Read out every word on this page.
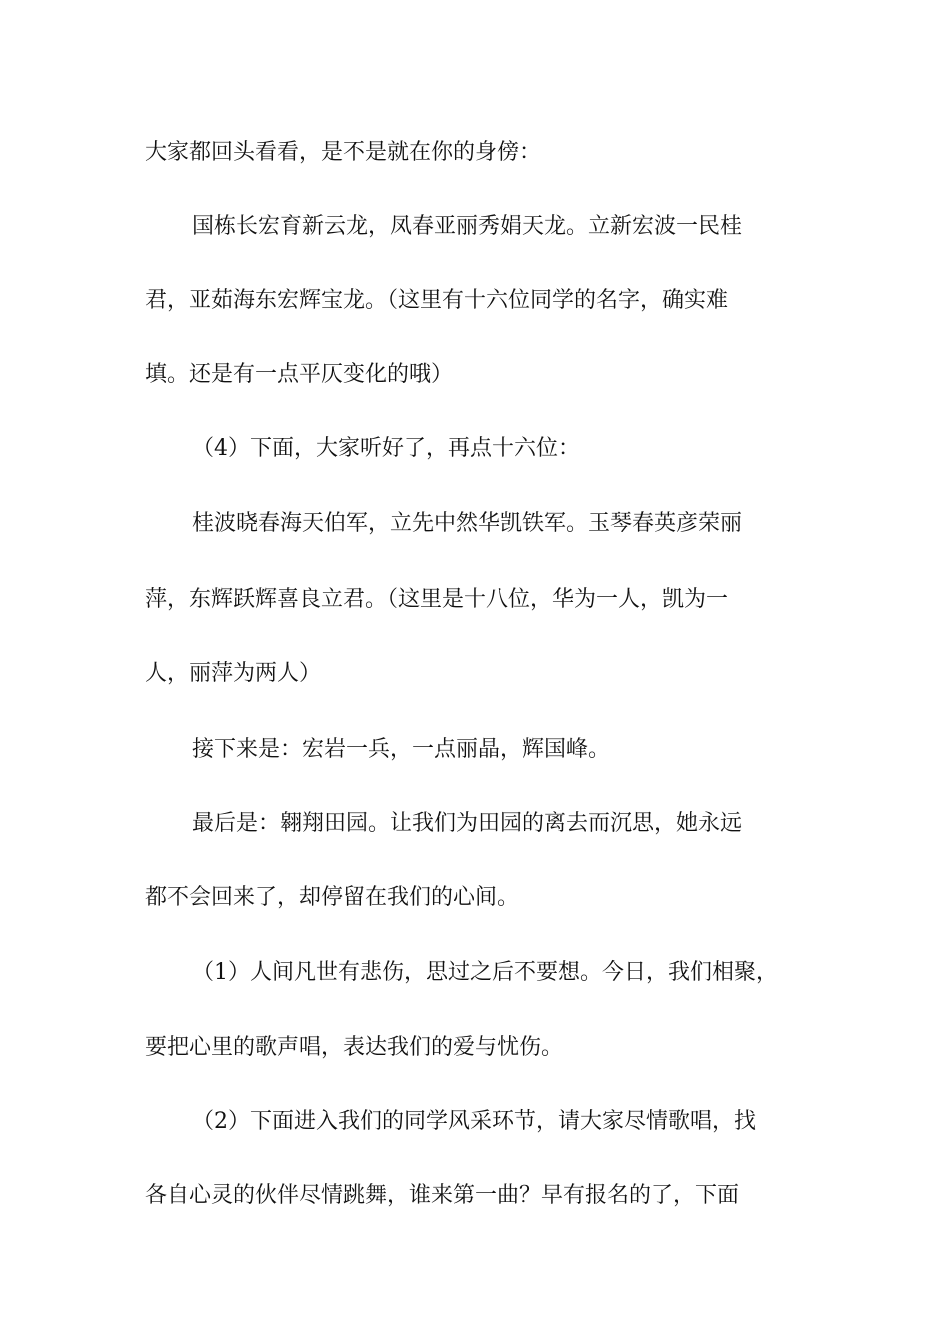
大家都回头看看，是不是就在你的身傍：
国栋长宏育新云龙，凤春亚丽秀娟天龙。立新宏波一民桂
君，亚茹海东宏辉宝龙。（这里有十六位同学的名字，确实难
填。还是有一点平仄变化的哦）
（4）下面，大家听好了，再点十六位：
桂波晓春海天伯军，立先中然华凯铁军。玉琴春英彦荣丽
萍，东辉跃辉喜良立君。（这里是十八位，华为一人，凯为一
人，丽萍为两人）
接下来是：宏岩一兵，一点丽晶，辉国峰。
最后是：翱翔田园。让我们为田园的离去而沉思，她永远
都不会回来了，却停留在我们的心间。
（1）人间凡世有悲伤，思过之后不要想。今日，我们相聚，
要把心里的歌声唱，表达我们的爱与忧伤。
（2）下面进入我们的同学风采环节，请大家尽情歌唱，找
各自心灵的伙伴尽情跳舞，谁来第一曲？早有报名的了，下面
